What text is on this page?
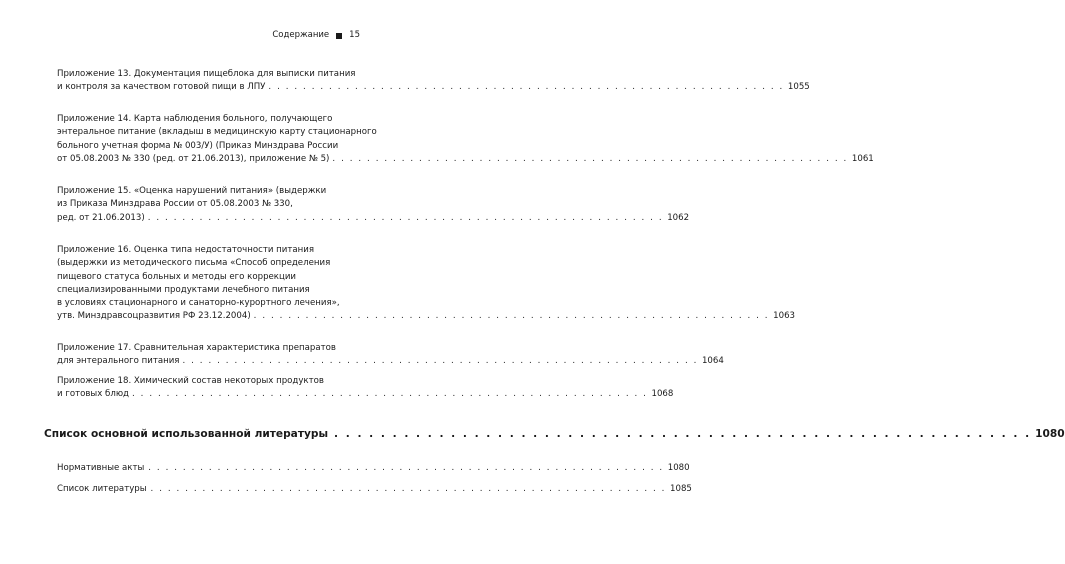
Содержание 15
Приложение 13. Документация пищеблока для выписки питания
и контроля за качеством готовой пищи в ЛПУ . . . . . . . . . . . . . . . . . . . . . . . . . . . . . . . . . . . . . . . . . . . . . . . . . . . . . . . . . . . . 1055
Приложение 14. Карта наблюдения больного, получающего
энтеральное питание (вкладыш в медицинскую карту стационарного
больного учетная форма № 003/У) (Приказ Минздрава России
от 05.08.2003 № 330 (ред. от 21.06.2013), приложение № 5) . . . . . . . . . . . . . . . . . . . . . . . . . . . . . . . . . . . . . . . . . . . . . . . . . . . . . . . . . . . . 1061
Приложение 15. «Оценка нарушений питания» (выдержки
из Приказа Минздрава России от 05.08.2003 № 330,
ред. от 21.06.2013) . . . . . . . . . . . . . . . . . . . . . . . . . . . . . . . . . . . . . . . . . . . . . . . . . . . . . . . . . . . . 1062
Приложение 16. Оценка типа недостаточности питания
(выдержки из методического письма «Способ определения
пищевого статуса больных и методы его коррекции
специализированными продуктами лечебного питания
в условиях стационарного и санаторно-курортного лечения»,
утв. Минздравсоцразвития РФ 23.12.2004) . . . . . . . . . . . . . . . . . . . . . . . . . . . . . . . . . . . . . . . . . . . . . . . . . . . . . . . . . . . . 1063
Приложение 17. Сравнительная характеристика препаратов
для энтерального питания . . . . . . . . . . . . . . . . . . . . . . . . . . . . . . . . . . . . . . . . . . . . . . . . . . . . . . . . . . . . 1064
Приложение 18. Химический состав некоторых продуктов
и готовых блюд . . . . . . . . . . . . . . . . . . . . . . . . . . . . . . . . . . . . . . . . . . . . . . . . . . . . . . . . . . . . 1068
Список основной использованной литературы . . . . . . . . . . . . . . . . . . . . . . . . . . . . . . . . . . . . . . . . . . . . . . . . . . . . . . . . . . . . 1080
Нормативные акты . . . . . . . . . . . . . . . . . . . . . . . . . . . . . . . . . . . . . . . . . . . . . . . . . . . . . . . . . . . . 1080
Список литературы . . . . . . . . . . . . . . . . . . . . . . . . . . . . . . . . . . . . . . . . . . . . . . . . . . . . . . . . . . . . 1085
